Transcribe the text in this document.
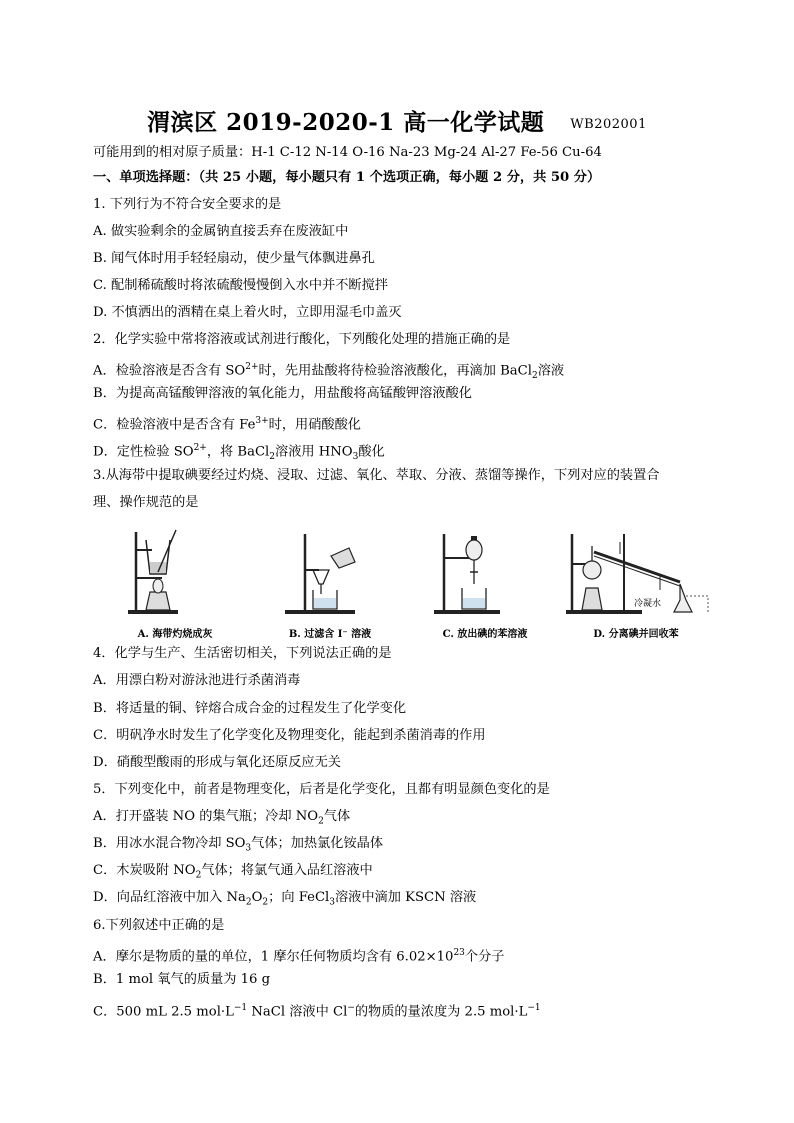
渭滨区 2019-2020-1 高一化学试题 WB202001
可能用到的相对原子质量：H-1 C-12 N-14 O-16 Na-23 Mg-24 Al-27 Fe-56 Cu-64
一、单项选择题：（共 25 小题，每小题只有 1 个选项正确，每小题 2 分，共 50 分）
1. 下列行为不符合安全要求的是
A. 做实验剩余的金属钠直接丢弃在废液缸中
B. 闻气体时用手轻轻扇动，使少量气体飘进鼻孔
C. 配制稀硫酸时将浓硫酸慢慢倒入水中并不断搅拌
D. 不慎洒出的酒精在桌上着火时，立即用湿毛巾盖灭
2．化学实验中常将溶液或试剂进行酸化，下列酸化处理的措施正确的是
A．检验溶液是否含有 $SO^{2+}$时，先用盐酸将待检验溶液酸化，再滴加 BaCl$_2$溶液
B．为提高高锰酸钾溶液的氧化能力，用盐酸将高锰酸钾溶液酸化
C．检验溶液中是否含有 $Fe^{3+}$时，用硝酸酸化
D．定性检验 $SO^{2+}$，将 BaCl$_2$溶液用 $HNO_3$酸化
3.从海带中提取碘要经过灼烧、浸取、过滤、氧化、萃取、分液、蒸馏等操作，下列对应的装置合
理、操作规范的是
A. 海带灼烧成灰	B. 过滤含 I⁻ 溶液	C. 放出碘的苯溶液
冷凝水
D. 分离碘并回收苯
4．化学与生产、生活密切相关，下列说法正确的是
A．用漂白粉对游泳池进行杀菌消毒
B．将适量的铜、锌熔合成合金的过程发生了化学变化
C．明矾净水时发生了化学变化及物理变化，能起到杀菌消毒的作用
D．硝酸型酸雨的形成与氧化还原反应无关
5．下列变化中，前者是物理变化，后者是化学变化，且都有明显颜色变化的是
A．打开盛装 NO 的集气瓶；冷却 $NO_2$气体
B．用冰水混合物冷却 $SO_3$气体；加热氯化铵晶体
C．木炭吸附 $NO_2$气体；将氯气通入品红溶液中
D．向品红溶液中加入 $Na_2O_2$；向 FeCl$_3$溶液中滴加 KSCN 溶液
6.下列叙述中正确的是
A．摩尔是物质的量的单位，1 摩尔任何物质均含有 $6.02\times 10^{23}$个分子
B．1 mol 氧气的质量为 16 g
C．500 mL 2.5 $mol\cdot L^{-1}$ NaCl 溶液中 Cl−的物质的量浓度为 2.5 $mol\cdot L^{-1}$
